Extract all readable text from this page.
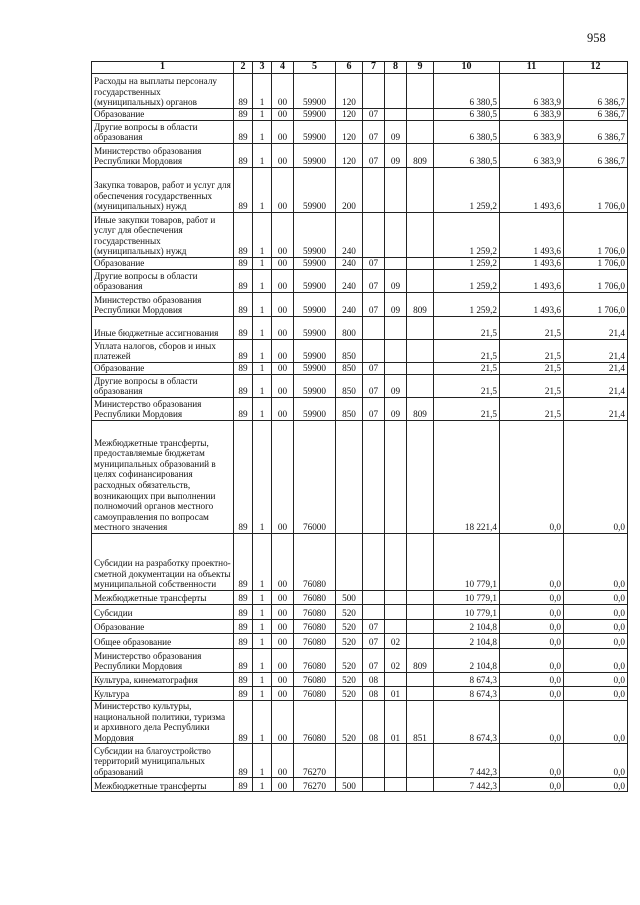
958
1	2	3	4	5	6	7	8	9	10	11	12
Расходы на выплаты персоналу государственных (муниципальных) органов	89	1	00	59900	120				6 380,5	6 383,9	6 386,7
Образование	89	1	00	59900	120	07			6 380,5	6 383,9	6 386,7
Другие вопросы в области образования	89	1	00	59900	120	07	09		6 380,5	6 383,9	6 386,7
Министерство образования Республики Мордовия	89	1	00	59900	120	07	09	809	6 380,5	6 383,9	6 386,7
Закупка товаров, работ и услуг для обеспечения государственных (муниципальных) нужд	89	1	00	59900	200				1 259,2	1 493,6	1 706,0
Иные закупки товаров, работ и услуг для обеспечения государственных (муниципальных) нужд	89	1	00	59900	240				1 259,2	1 493,6	1 706,0
Образование	89	1	00	59900	240	07			1 259,2	1 493,6	1 706,0
Другие вопросы в области образования	89	1	00	59900	240	07	09		1 259,2	1 493,6	1 706,0
Министерство образования Республики Мордовия	89	1	00	59900	240	07	09	809	1 259,2	1 493,6	1 706,0
Иные бюджетные ассигнования	89	1	00	59900	800				21,5	21,5	21,4
Уплата налогов, сборов и иных платежей	89	1	00	59900	850				21,5	21,5	21,4
Образование	89	1	00	59900	850	07			21,5	21,5	21,4
Другие вопросы в области образования	89	1	00	59900	850	07	09		21,5	21,5	21,4
Министерство образования Республики Мордовия	89	1	00	59900	850	07	09	809	21,5	21,5	21,4
Межбюджетные трансферты, предоставляемые бюджетам муниципальных образований в целях софинансирования расходных обязательств, возникающих при выполнении полномочий органов местного самоуправления по вопросам местного значения	89	1	00	76000					18 221,4	0,0	0,0
Субсидии на разработку проектно-сметной документации на объекты муниципальной собственности	89	1	00	76080					10 779,1	0,0	0,0
Межбюджетные трансферты	89	1	00	76080	500				10 779,1	0,0	0,0
Субсидии	89	1	00	76080	520				10 779,1	0,0	0,0
Образование	89	1	00	76080	520	07			2 104,8	0,0	0,0
Общее образование	89	1	00	76080	520	07	02		2 104,8	0,0	0,0
Министерство образования Республики Мордовия	89	1	00	76080	520	07	02	809	2 104,8	0,0	0,0
Культура, кинематография	89	1	00	76080	520	08			8 674,3	0,0	0,0
Культура	89	1	00	76080	520	08	01		8 674,3	0,0	0,0
Министерство культуры, национальной политики, туризма и архивного дела Республики Мордовия	89	1	00	76080	520	08	01	851	8 674,3	0,0	0,0
Субсидии на благоустройство территорий муниципальных образований	89	1	00	76270					7 442,3	0,0	0,0
Межбюджетные трансферты	89	1	00	76270	500				7 442,3	0,0	0,0
